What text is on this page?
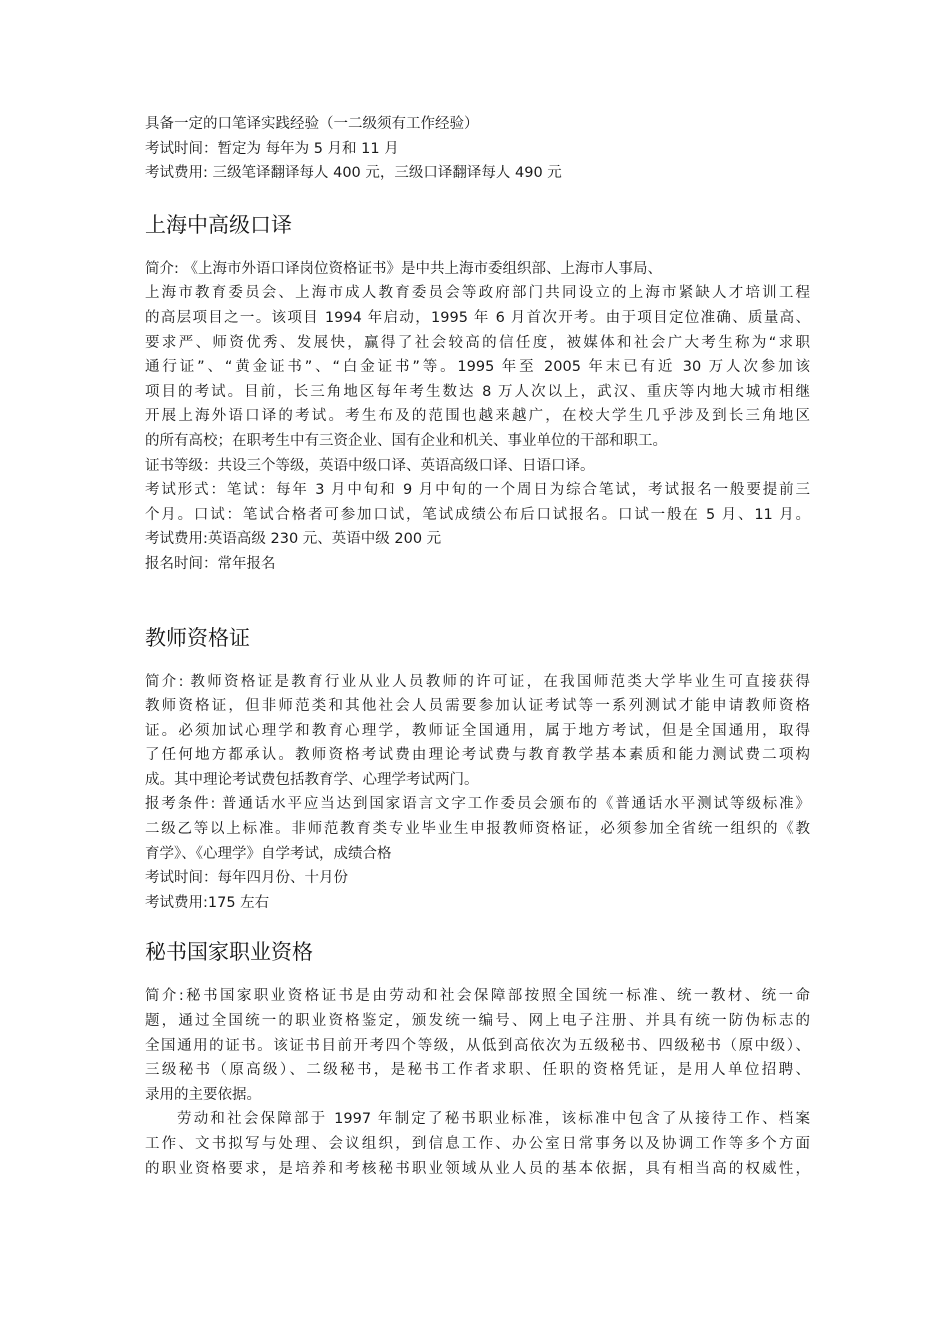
具备一定的口笔译实践经验（一二级须有工作经验）

考试时间：暂定为 每年为 5 月和 11 月

考试费用: 三级笔译翻译每人 400 元，三级口译翻译每人 490 元

上海中高级口译

简介: 《上海市外语口译岗位资格证书》是中共上海市委组织部、上海市人事局、

上海市教育委员会、上海市成人教育委员会等政府部门共同设立的上海市紧缺人才培训工程

的高层项目之一。该项目 1994 年启动，1995 年 6 月首次开考。由于项目定位准确、质量高、

要求严、师资优秀、发展快，赢得了社会较高的信任度，被媒体和社会广大考生称为“求职

通行证”、“黄金证书”、“白金证书”等。1995 年至 2005 年末已有近 30 万人次参加该

项目的考试。目前，长三角地区每年考生数达 8 万人次以上，武汉、重庆等内地大城市相继

开展上海外语口译的考试。考生布及的范围也越来越广，在校大学生几乎涉及到长三角地区

的所有高校；在职考生中有三资企业、国有企业和机关、事业单位的干部和职工。

证书等级：共设三个等级，英语中级口译、英语高级口译、日语口译。

考试形式：笔试：每年 3 月中旬和 9 月中旬的一个周日为综合笔试，考试报名一般要提前三

个月。口试：笔试合格者可参加口试，笔试成绩公布后口试报名。口试一般在 5 月、11 月。

考试费用:英语高级 230 元、英语中级 200 元

报名时间：常年报名

教师资格证

简介: 教师资格证是教育行业从业人员教师的许可证，在我国师范类大学毕业生可直接获得

教师资格证，但非师范类和其他社会人员需要参加认证考试等一系列测试才能申请教师资格

证。必须加试心理学和教育心理学，教师证全国通用，属于地方考试，但是全国通用，取得

了任何地方都承认。教师资格考试费由理论考试费与教育教学基本素质和能力测试费二项构

成。其中理论考试费包括教育学、心理学考试两门。

报考条件: 普通话水平应当达到国家语言文字工作委员会颁布的《普通话水平测试等级标准》

二级乙等以上标准。非师范教育类专业毕业生申报教师资格证，必须参加全省统一组织的《教

育学》、《心理学》自学考试，成绩合格

考试时间：每年四月份、十月份

考试费用:175 左右

秘书国家职业资格

简介:秘书国家职业资格证书是由劳动和社会保障部按照全国统一标准、统一教材、统一命

题，通过全国统一的职业资格鉴定，颁发统一编号、网上电子注册、并具有统一防伪标志的

全国通用的证书。该证书目前开考四个等级，从低到高依次为五级秘书、四级秘书（原中级）、

三级秘书（原高级）、二级秘书，是秘书工作者求职、任职的资格凭证，是用人单位招聘、

录用的主要依据。

劳动和社会保障部于 1997 年制定了秘书职业标准，该标准中包含了从接待工作、档案

工作、文书拟写与处理、会议组织，到信息工作、办公室日常事务以及协调工作等多个方面

的职业资格要求，是培养和考核秘书职业领域从业人员的基本依据，具有相当高的权威性，
